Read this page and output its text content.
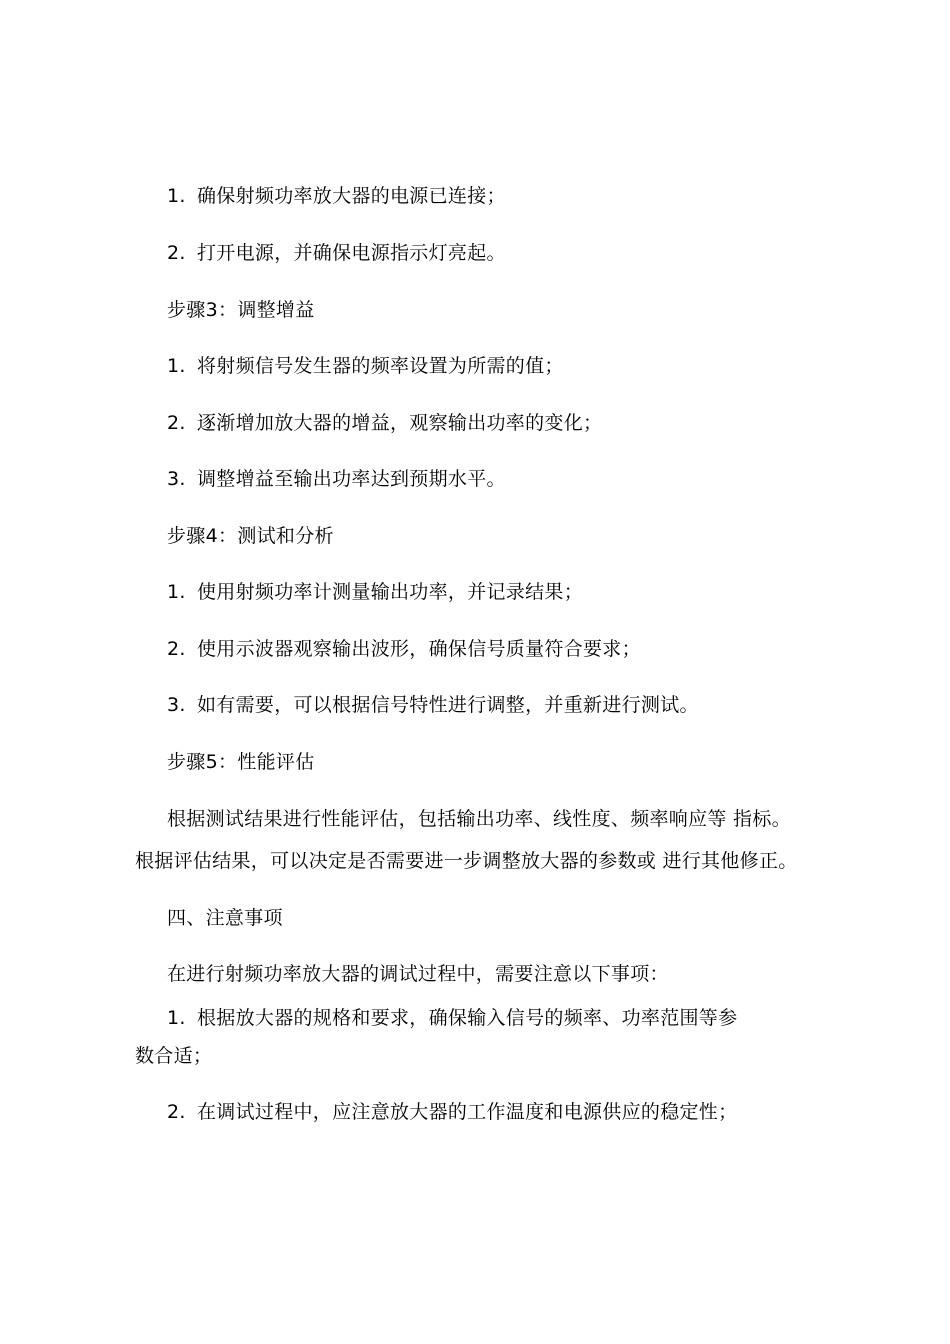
1. 确保射频功率放大器的电源已连接；
2. 打开电源，并确保电源指示灯亮起。
步骤3：调整增益
1. 将射频信号发生器的频率设置为所需的值；
2. 逐渐增加放大器的增益，观察输出功率的变化；
3. 调整增益至输出功率达到预期水平。
步骤4：测试和分析
1. 使用射频功率计测量输出功率，并记录结果；
2. 使用示波器观察输出波形，确保信号质量符合要求；
3. 如有需要，可以根据信号特性进行调整，并重新进行测试。
步骤5：性能评估
根据测试结果进行性能评估，包括输出功率、线性度、频率响应等 指标。
根据评估结果，可以决定是否需要进一步调整放大器的参数或 进行其他修正。
四、注意事项
在进行射频功率放大器的调试过程中，需要注意以下事项：
1. 根据放大器的规格和要求，确保输入信号的频率、功率范围等参
数合适；
2. 在调试过程中，应注意放大器的工作温度和电源供应的稳定性；
